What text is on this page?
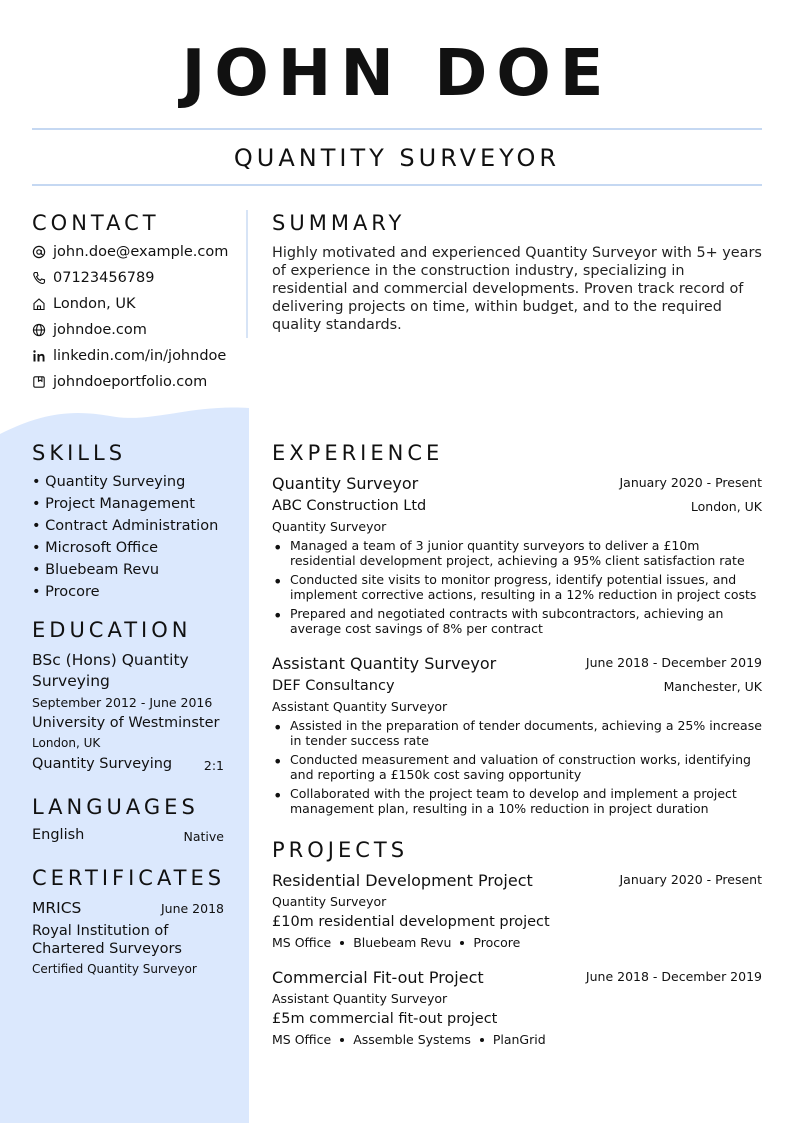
JOHN DOE
QUANTITY SURVEYOR
CONTACT
john.doe@example.com
07123456789
London, UK
johndoe.com
linkedin.com/in/johndoe
johndoeportfolio.com
SKILLS
• Quantity Surveying
• Project Management
• Contract Administration
• Microsoft Office
• Bluebeam Revu
• Procore
EDUCATION
BSc (Hons) Quantity
Surveying
September 2012 - June 2016
University of Westminster
London, UK
Quantity Surveying	2:1
LANGUAGES
English	Native
CERTIFICATES
MRICS	June 2018
Royal Institution of
Chartered Surveyors
Certified Quantity Surveyor
SUMMARY
Highly motivated and experienced Quantity Surveyor with 5+ years of experience in the construction industry, specializing in residential and commercial developments. Proven track record of delivering projects on time, within budget, and to the required quality standards.
EXPERIENCE
Quantity Surveyor	January 2020 - Present
ABC Construction Ltd	London, UK
Quantity Surveyor
• Managed a team of 3 junior quantity surveyors to deliver a £10m residential development project, achieving a 95% client satisfaction rate
• Conducted site visits to monitor progress, identify potential issues, and implement corrective actions, resulting in a 12% reduction in project costs
• Prepared and negotiated contracts with subcontractors, achieving an average cost savings of 8% per contract
Assistant Quantity Surveyor	June 2018 - December 2019
DEF Consultancy	Manchester, UK
Assistant Quantity Surveyor
• Assisted in the preparation of tender documents, achieving a 25% increase in tender success rate
• Conducted measurement and valuation of construction works, identifying and reporting a £150k cost saving opportunity
• Collaborated with the project team to develop and implement a project management plan, resulting in a 10% reduction in project duration
PROJECTS
Residential Development Project	January 2020 - Present
Quantity Surveyor
£10m residential development project
MS Office Bluebeam Revu Procore
Commercial Fit-out Project	June 2018 - December 2019
Assistant Quantity Surveyor
£5m commercial fit-out project
MS Office Assemble Systems PlanGrid
